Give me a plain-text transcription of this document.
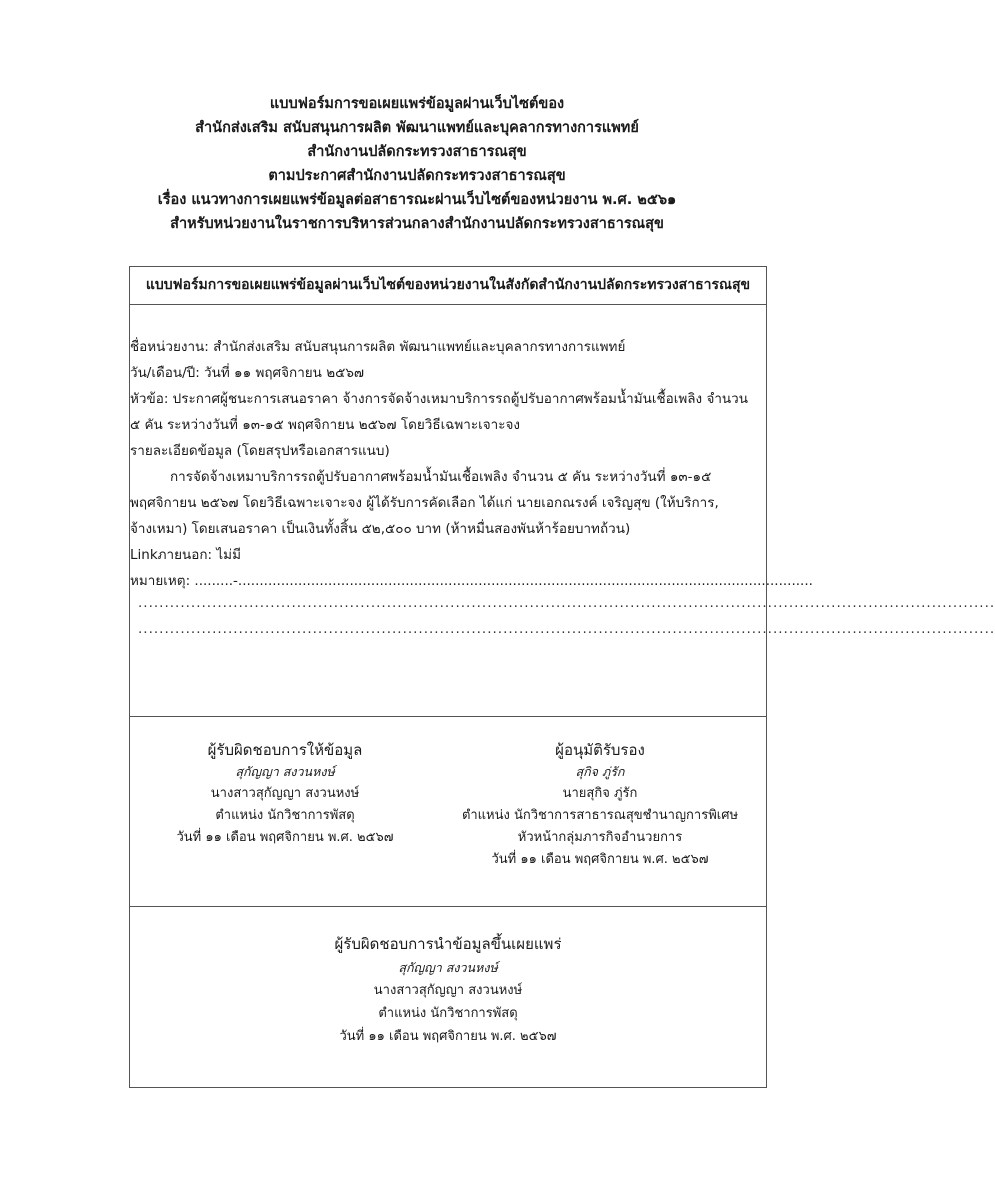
แบบฟอร์มการขอเผยแพร่ข้อมูลผ่านเว็บไซต์ของ
สำนักส่งเสริม สนับสนุนการผลิต พัฒนาแพทย์และบุคลากรทางการแพทย์
สำนักงานปลัดกระทรวงสาธารณสุข
ตามประกาศสำนักงานปลัดกระทรวงสาธารณสุข
เรื่อง แนวทางการเผยแพร่ข้อมูลต่อสาธารณะผ่านเว็บไซต์ของหน่วยงาน พ.ศ. ๒๕๖๑
สำหรับหน่วยงานในราชการบริหารส่วนกลางสำนักงานปลัดกระทรวงสาธารณสุข
แบบฟอร์มการขอเผยแพร่ข้อมูลผ่านเว็บไซต์ของหน่วยงานในสังกัดสำนักงานปลัดกระทรวงสาธารณสุข
ชื่อหน่วยงาน: สำนักส่งเสริม สนับสนุนการผลิต พัฒนาแพทย์และบุคลากรทางการแพทย์
วัน/เดือน/ปี: วันที่ ๑๑ พฤศจิกายน ๒๕๖๗
หัวข้อ: ประกาศผู้ชนะการเสนอราคา จ้างการจัดจ้างเหมาบริการรถตู้ปรับอากาศพร้อมน้ำมันเชื้อเพลิง จำนวน
๕ คัน ระหว่างวันที่ ๑๓-๑๕ พฤศจิกายน ๒๕๖๗ โดยวิธีเฉพาะเจาะจง
รายละเอียดข้อมูล (โดยสรุปหรือเอกสารแนบ)
การจัดจ้างเหมาบริการรถตู้ปรับอากาศพร้อมน้ำมันเชื้อเพลิง จำนวน ๕ คัน ระหว่างวันที่ ๑๓-๑๕
พฤศจิกายน ๒๕๖๗ โดยวิธีเฉพาะเจาะจง ผู้ได้รับการคัดเลือก ได้แก่ นายเอกณรงค์ เจริญสุข (ให้บริการ,
จ้างเหมา) โดยเสนอราคา เป็นเงินทั้งสิ้น ๕๒,๕๐๐ บาท (ห้าหมื่นสองพันห้าร้อยบาทถ้วน)
Linkภายนอก: ไม่มี
หมายเหตุ: .........-......................................................................................................................................
..................................................................................................................................................................
..................................................................................................................................................................
ผู้รับผิดชอบการให้ข้อมูล
สุกัญญา สงวนหงษ์
นางสาวสุกัญญา สงวนหงษ์
ตำแหน่ง นักวิชาการพัสดุ
วันที่ ๑๑ เดือน พฤศจิกายน พ.ศ. ๒๕๖๗
ผู้อนุมัติรับรอง
สุกิจ ภู่รัก
นายสุกิจ ภู่รัก
ตำแหน่ง นักวิชาการสาธารณสุขชำนาญการพิเศษ
หัวหน้ากลุ่มภารกิจอำนวยการ
วันที่ ๑๑ เดือน พฤศจิกายน พ.ศ. ๒๕๖๗
ผู้รับผิดชอบการนำข้อมูลขึ้นเผยแพร่
สุกัญญา สงวนหงษ์
นางสาวสุกัญญา สงวนหงษ์
ตำแหน่ง นักวิชาการพัสดุ
วันที่ ๑๑ เดือน พฤศจิกายน พ.ศ. ๒๕๖๗
